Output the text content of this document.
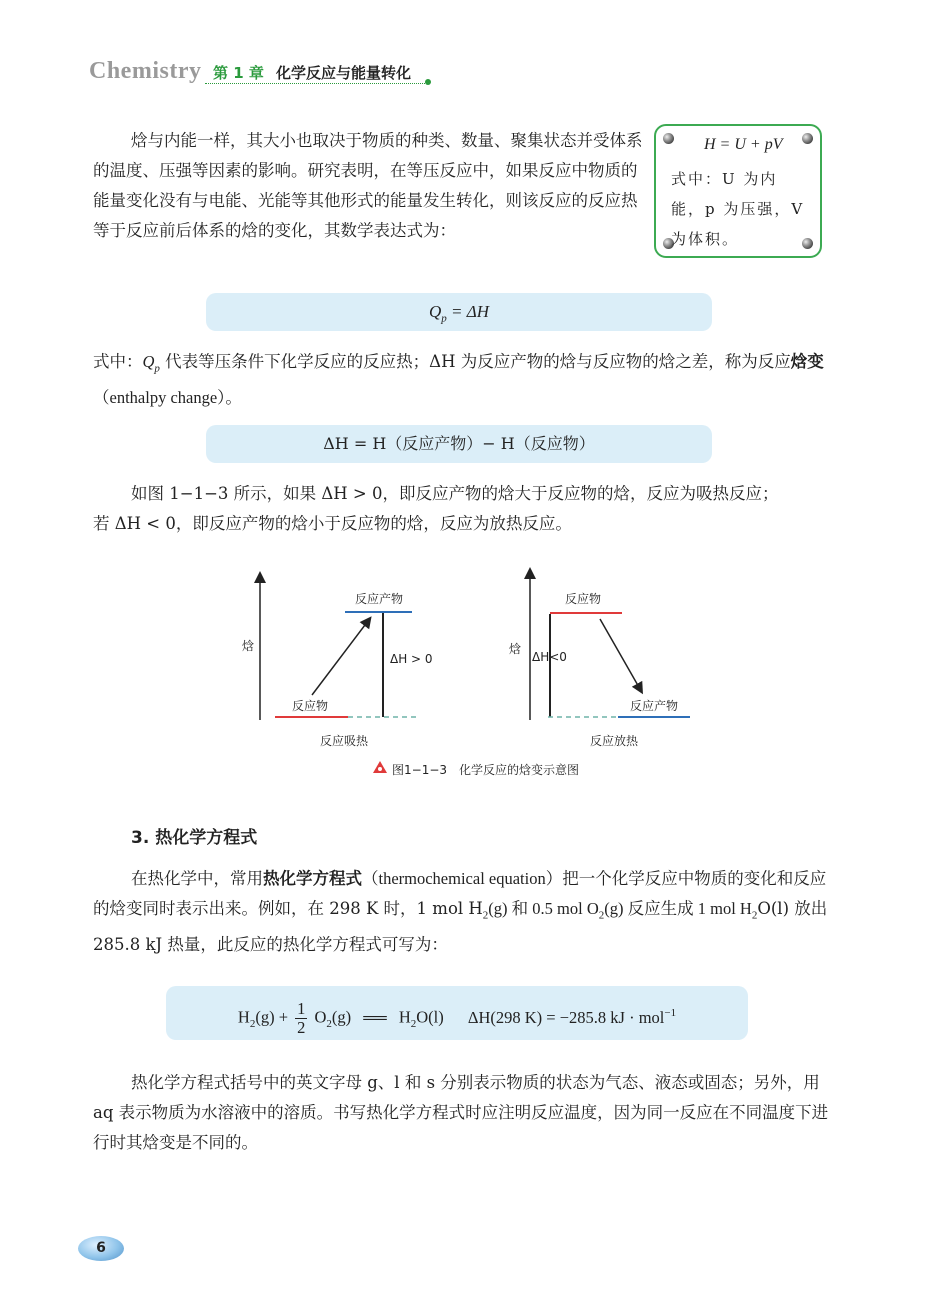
Chemistry 第 1 章 化学反应与能量转化

焓与内能一样，其大小也取决于物质的种类、数量、聚集状态并受体系的温度、压强等因素的影响。研究表明，在等压反应中，如果反应中物质的能量变化没有与电能、光能等其他形式的能量发生转化，则该反应的反应热等于反应前后体系的焓的变化，其数学表达式为：

H = U + pV
式中：U 为内能，p 为压强，V 为体积。
$Q_p = \Delta H$

式中：$Q_p$ 代表等压条件下化学反应的反应热；ΔH 为反应产物的焓与反应物的焓之差，称为反应焓变（enthalpy change）。

ΔH = H（反应产物）− H（反应物）

如图 1−1−3 所示，如果 ΔH > 0，即反应产物的焓大于反应物的焓，反应为吸热反应；

若 ΔH < 0，即反应产物的焓小于反应物的焓，反应为放热反应。

焓
反应产物
反应物
ΔH > 0
反应吸热
焓
反应物
ΔH<0
反应产物
反应放热
图1−1−3　化学反应的焓变示意图
3. 热化学方程式

在热化学中，常用热化学方程式（thermochemical equation）把一个化学反应中物质的变化和反应的焓变同时表示出来。例如，在 298 K 时，1 mol $H_2(g)$ 和 0.5 mol $O_2(g)$ 反应生成 1 mol $H_2O(l)$ 放出 285.8 kJ 热量，此反应的热化学方程式可写为：

$H_2(g) + \frac{1}{2} O_2(g)$ ══ $H_2O(l)$ ΔH(298 K) = −285.8 kJ · mol$^{-1}$

热化学方程式括号中的英文字母 g、l 和 s 分别表示物质的状态为气态、液态或固态；另外，用 aq 表示物质为水溶液中的溶质。书写热化学方程式时应注明反应温度，因为同一反应在不同温度下进行时其焓变是不同的。

6
